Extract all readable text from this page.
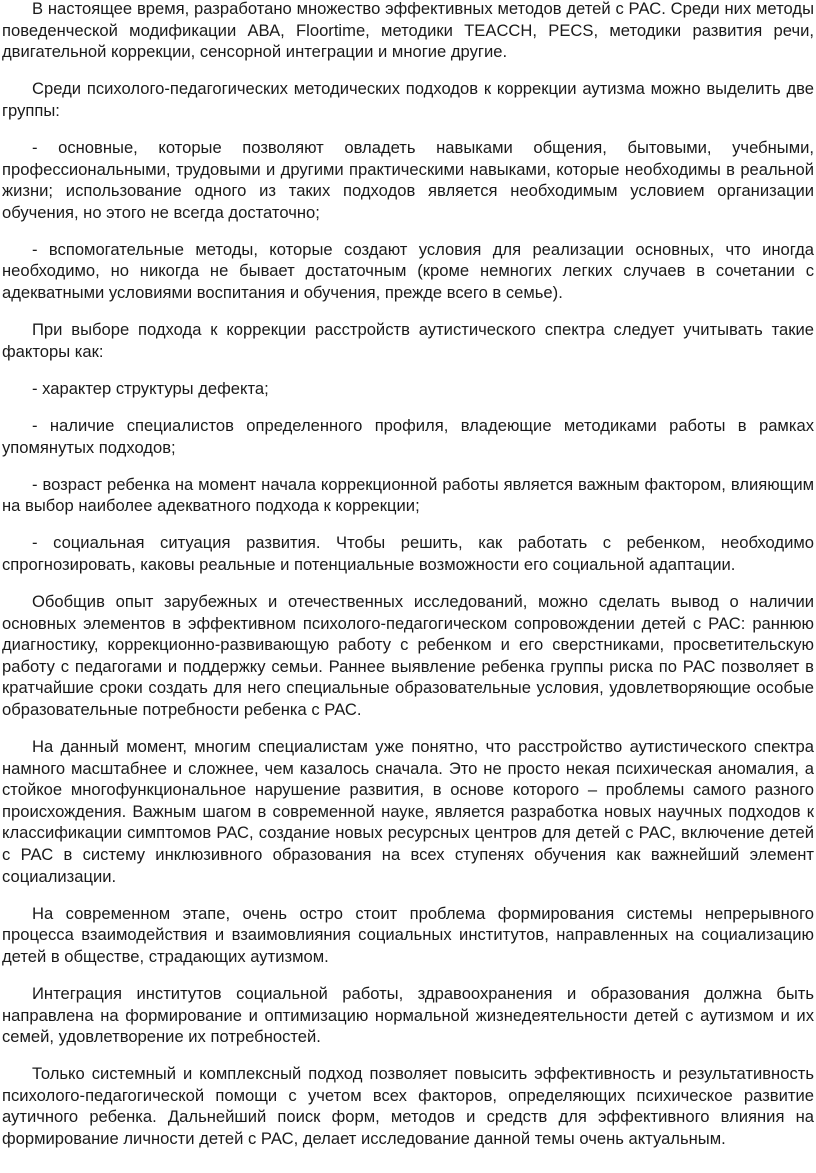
В настоящее время, разработано множество эффективных методов детей с РАС. Среди них методы поведенческой модификации АВА, Floortime, методики TEACCH, PECS, методики развития речи, двигательной коррекции, сенсорной интеграции и многие другие.

Среди психолого-педагогических методических подходов к коррекции аутизма можно выделить две группы:

- основные, которые позволяют овладеть навыками общения, бытовыми, учебными, профессиональными, трудовыми и другими практическими навыками, которые необходимы в реальной жизни; использование одного из таких подходов является необходимым условием организации обучения, но этого не всегда достаточно;

- вспомогательные методы, которые создают условия для реализации основных, что иногда необходимо, но никогда не бывает достаточным (кроме немногих легких случаев в сочетании с адекватными условиями воспитания и обучения, прежде всего в семье).

При выборе подхода к коррекции расстройств аутистического спектра следует учитывать такие факторы как:

- характер структуры дефекта;

- наличие специалистов определенного профиля, владеющие методиками работы в рамках упомянутых подходов;

- возраст ребенка на момент начала коррекционной работы является важным фактором, влияющим на выбор наиболее адекватного подхода к коррекции;

- социальная ситуация развития. Чтобы решить, как работать с ребенком, необходимо спрогнозировать, каковы реальные и потенциальные возможности его социальной адаптации.

Обобщив опыт зарубежных и отечественных исследований, можно сделать вывод о наличии основных элементов в эффективном психолого-педагогическом сопровождении детей с РАС: раннюю диагностику, коррекционно-развивающую работу с ребенком и его сверстниками, просветительскую работу с педагогами и поддержку семьи. Раннее выявление ребенка группы риска по РАС позволяет в кратчайшие сроки создать для него специальные образовательные условия, удовлетворяющие особые образовательные потребности ребенка с РАС.

На данный момент, многим специалистам уже понятно, что расстройство аутистического спектра намного масштабнее и сложнее, чем казалось сначала. Это не просто некая психическая аномалия, а стойкое многофункциональное нарушение развития, в основе которого – проблемы самого разного происхождения. Важным шагом в современной науке, является разработка новых научных подходов к классификации симптомов РАС, создание новых ресурсных центров для детей с РАС, включение детей с РАС в систему инклюзивного образования на всех ступенях обучения как важнейший элемент социализации.

На современном этапе, очень остро стоит проблема формирования системы непрерывного процесса взаимодействия и взаимовлияния социальных институтов, направленных на социализацию детей в обществе, страдающих аутизмом.

Интеграция институтов социальной работы, здравоохранения и образования должна быть направлена на формирование и оптимизацию нормальной жизнедеятельности детей с аутизмом и их семей, удовлетворение их потребностей.

Только системный и комплексный подход позволяет повысить эффективность и результативность психолого-педагогической помощи с учетом всех факторов, определяющих психическое развитие аутичного ребенка. Дальнейший поиск форм, методов и средств для эффективного влияния на формирование личности детей с РАС, делает исследование данной темы очень актуальным.
